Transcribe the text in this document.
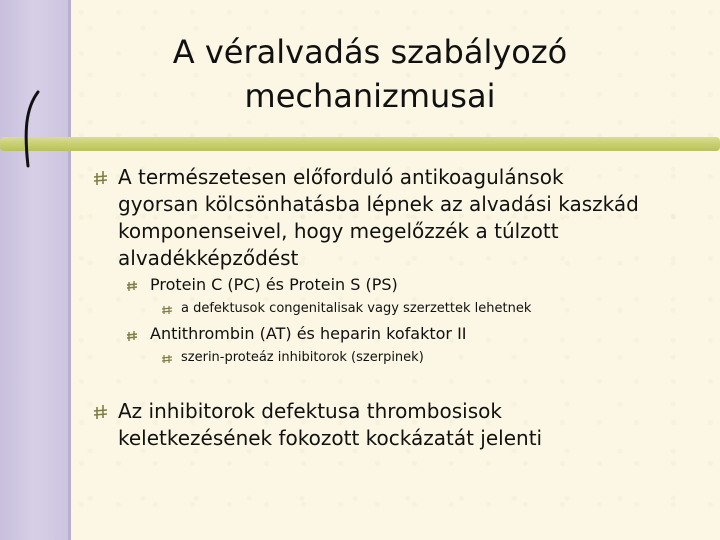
A véralvadás szabályozó
mechanizmusai
A természetesen előforduló antikoagulánsok
gyorsan kölcsönhatásba lépnek az alvadási kaszkád
komponenseivel, hogy megelőzzék a túlzott
alvadékképződést
Protein C (PC) és Protein S (PS)
a defektusok congenitalisak vagy szerzettek lehetnek
Antithrombin (AT) és heparin kofaktor II
szerin-proteáz inhibitorok (szerpinek)
Az inhibitorok defektusa thrombosisok
keletkezésének fokozott kockázatát jelenti
